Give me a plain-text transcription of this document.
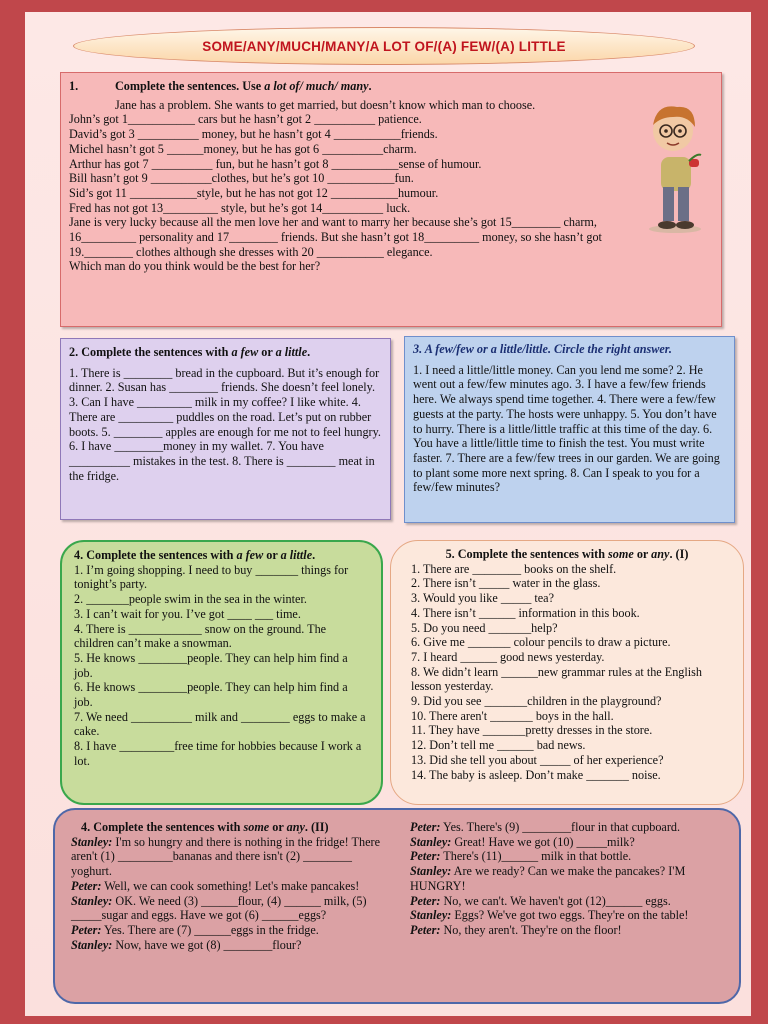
SOME/ANY/MUCH/MANY/A LOT OF/(A) FEW/(A) LITTLE

1.	Complete the sentences. Use a lot of/ much/ many.

Jane has a problem. She wants to get married, but doesn’t know which man to choose.

John’s got 1___________ cars but he hasn’t got 2 __________ patience.

David’s got 3 __________ money, but he hasn’t got 4 ___________friends.

Michel hasn’t got 5 ______money, but he has got 6 __________charm.

Arthur has got 7 __________ fun, but he hasn’t got 8 ___________sense of humour.

Bill hasn’t got 9 __________clothes, but he’s got 10 ___________fun.

Sid’s got 11 ___________style, but he has not got 12 ___________humour.

Fred has not got 13_________ style, but he’s got 14__________ luck.

Jane is very lucky because all the men love her and want to marry her because she’s got 15________ charm,

16_________ personality and 17________ friends. But she hasn’t got 18_________ money, so she hasn’t got

19.________ clothes although she dresses with 20 ___________ elegance.

Which man do you think would be the best for her?

2. Complete the sentences with a few or a little.

1. There is ________ bread in the cupboard. But it’s enough for dinner. 2. Susan has ________ friends. She doesn’t feel lonely. 3. Can I have _________ milk in my coffee? I like white. 4. There are _________ puddles on the road. Let’s put on rubber boots. 5. ________ apples are enough for me not to feel hungry. 6. I have ________money in my wallet. 7. You have __________ mistakes in the test. 8. There is ________ meat in the fridge.

3. A few/few or a little/little. Circle the right answer.

1. I need a little/little money. Can you lend me some? 2. He went out a few/few minutes ago. 3. I have a few/few friends here. We always spend time together. 4. There were a few/few guests at the party. The hosts were unhappy. 5. You don’t have to hurry. There is a little/little traffic at this time of the day. 6. You have a little/little time to finish the test. You must write faster. 7. There are a few/few trees in our garden. We are going to plant some more next spring. 8. Can I speak to you for a few/few minutes?

4. Complete the sentences with a few or a little.

1. I’m going shopping. I need to buy _______ things for tonight’s party.

2. _______people swim in the sea in the winter.

3. I can’t wait for you. I’ve got ____ ___ time.

4. There is ____________ snow on the ground. The children can’t make a snowman.

5. He knows ________people. They can help him find a job.

6. He knows ________people. They can help him find a job.

7. We need __________ milk and ________ eggs to make a cake.

8. I have _________free time for hobbies because I work a lot.

5. Complete the sentences with some or any. (I)

1. There are ________ books on the shelf.

2. There isn’t _____ water in the glass.

3. Would you like _____ tea?

4. There isn’t ______ information in this book.

5. Do you need _______help?

6. Give me _______ colour pencils to draw a picture.

7. I heard ______ good news yesterday.

8. We didn’t learn ______new grammar rules at the English lesson yesterday.

9. Did you see _______children in the playground?

10. There aren't _______ boys in the hall.

11. They have _______pretty dresses in the store.

12. Don’t tell me ______ bad news.

13. Did she tell you about _____ of her experience?

14. The baby is asleep. Don’t make _______ noise.

4. Complete the sentences with some or any. (II)

Stanley: I'm so hungry and there is nothing in the fridge! There aren't (1) _________bananas and there isn't (2) ________ yoghurt.

Peter: Well, we can cook something! Let's make pancakes!

Stanley: OK. We need (3) ______flour, (4) ______ milk, (5) _____sugar and eggs. Have we got (6) ______eggs?

Peter: Yes. There are (7) ______eggs in the fridge.

Stanley: Now, have we got (8) ________flour?

Peter: Yes. There's (9) ________flour in that cupboard.

Stanley: Great! Have we got (10) _____milk?

Peter: There's (11)______ milk in that bottle.

Stanley: Are we ready? Can we make the pancakes? I'M HUNGRY!

Peter: No, we can't. We haven't got (12)______ eggs.

Stanley: Eggs? We've got two eggs. They're on the table!

Peter: No, they aren't. They're on the floor!
